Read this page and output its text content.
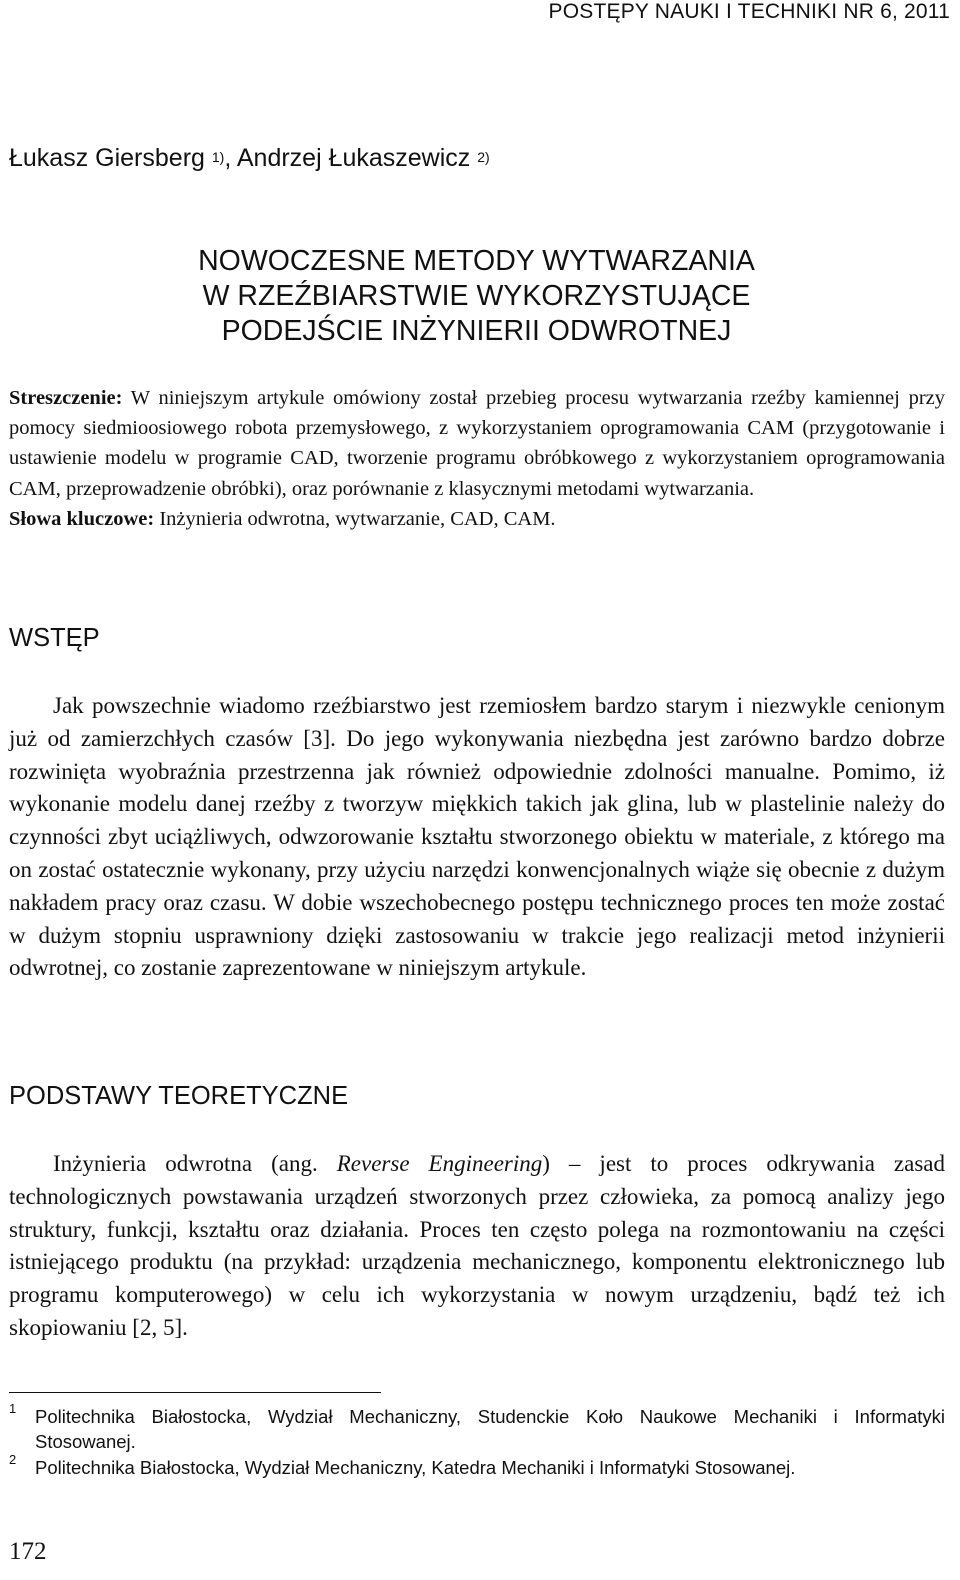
POSTĘPY NAUKI I TECHNIKI NR 6, 2011
Łukasz Giersberg $^{1)}$, Andrzej Łukaszewicz $^{2)}$
NOWOCZESNE METODY WYTWARZANIA
W RZEŹBIARSTWIE WYKORZYSTUJĄCE
PODEJŚCIE INŻYNIERII ODWROTNEJ

Streszczenie: W niniejszym artykule omówiony został przebieg procesu wytwarzania rzeźby kamiennej przy pomocy siedmioosiowego robota przemysłowego, z wykorzystaniem oprogramowania CAM (przygotowanie i ustawienie modelu w programie CAD, tworzenie programu obróbkowego z wykorzystaniem oprogramowania CAM, przeprowadzenie obróbki), oraz porównanie z klasycznymi metodami wytwarzania.

Słowa kluczowe: Inżynieria odwrotna, wytwarzanie, CAD, CAM.

WSTĘP

Jak powszechnie wiadomo rzeźbiarstwo jest rzemiosłem bardzo starym i niezwykle cenionym już od zamierzchłych czasów [3]. Do jego wykonywania niezbędna jest zarówno bardzo dobrze rozwinięta wyobraźnia przestrzenna jak również odpowiednie zdolności manualne. Pomimo, iż wykonanie modelu danej rzeźby z tworzyw miękkich takich jak glina, lub w plastelinie należy do czynności zbyt uciążliwych, odwzorowanie kształtu stworzonego obiektu w materiale, z którego ma on zostać ostatecznie wykonany, przy użyciu narzędzi konwencjonalnych wiąże się obecnie z dużym nakładem pracy oraz czasu. W dobie wszechobecnego postępu technicznego proces ten może zostać w dużym stopniu usprawniony dzięki zastosowaniu w trakcie jego realizacji metod inżynierii odwrotnej, co zostanie zaprezentowane w niniejszym artykule.

PODSTAWY TEORETYCZNE

Inżynieria odwrotna (ang. Reverse Engineering) – jest to proces odkrywania zasad technologicznych powstawania urządzeń stworzonych przez człowieka, za pomocą analizy jego struktury, funkcji, kształtu oraz działania. Proces ten często polega na rozmontowaniu na części istniejącego produktu (na przykład: urządzenia mechanicznego, komponentu elektronicznego lub programu komputerowego) w celu ich wykorzystania w nowym urządzeniu, bądź też ich skopiowaniu [2, 5].

1 Politechnika Białostocka, Wydział Mechaniczny, Studenckie Koło Naukowe Mechaniki i Informatyki Stosowanej.
2 Politechnika Białostocka, Wydział Mechaniczny, Katedra Mechaniki i Informatyki Stosowanej.
172
